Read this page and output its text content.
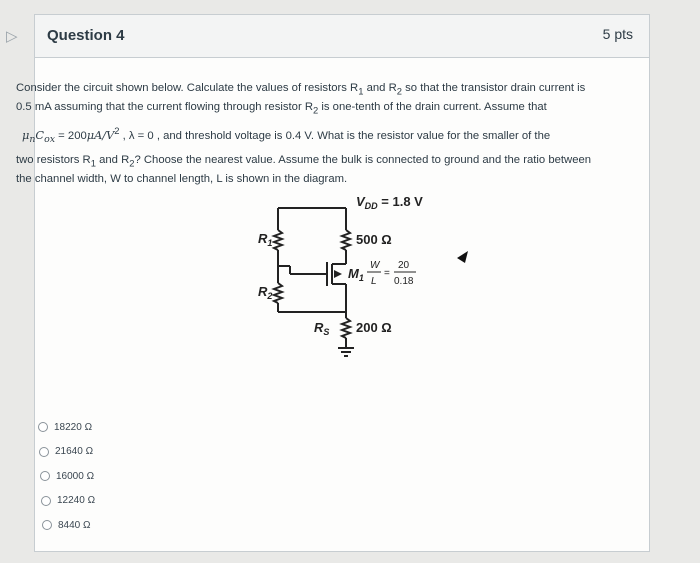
▷ Question 4	5 pts

Consider the circuit shown below. Calculate the values of resistors $R_1$ and $R_2$ so that the transistor drain current is

0.5 mA assuming that the current flowing through resistor $R_2$ is one-tenth of the drain current. Assume that

$\mu_nC_{ox} = 200\mu A/V^2$ , λ = 0 , and threshold voltage is 0.4 V. What is the resistor value for the smaller of the

two resistors $R_1$ and $R_2$? Choose the nearest value. Assume the bulk is connected to ground and the ratio between

the channel width, W to channel length, L is shown in the diagram.

$V_{DD} = 1.8$ V
500 Ω
$R_1$
$R_2$
$M_1$
W
L
=
20
0.18
$R_S$ 200 Ω
18220 Ω
21640 Ω
16000 Ω
12240 Ω
8440 Ω
